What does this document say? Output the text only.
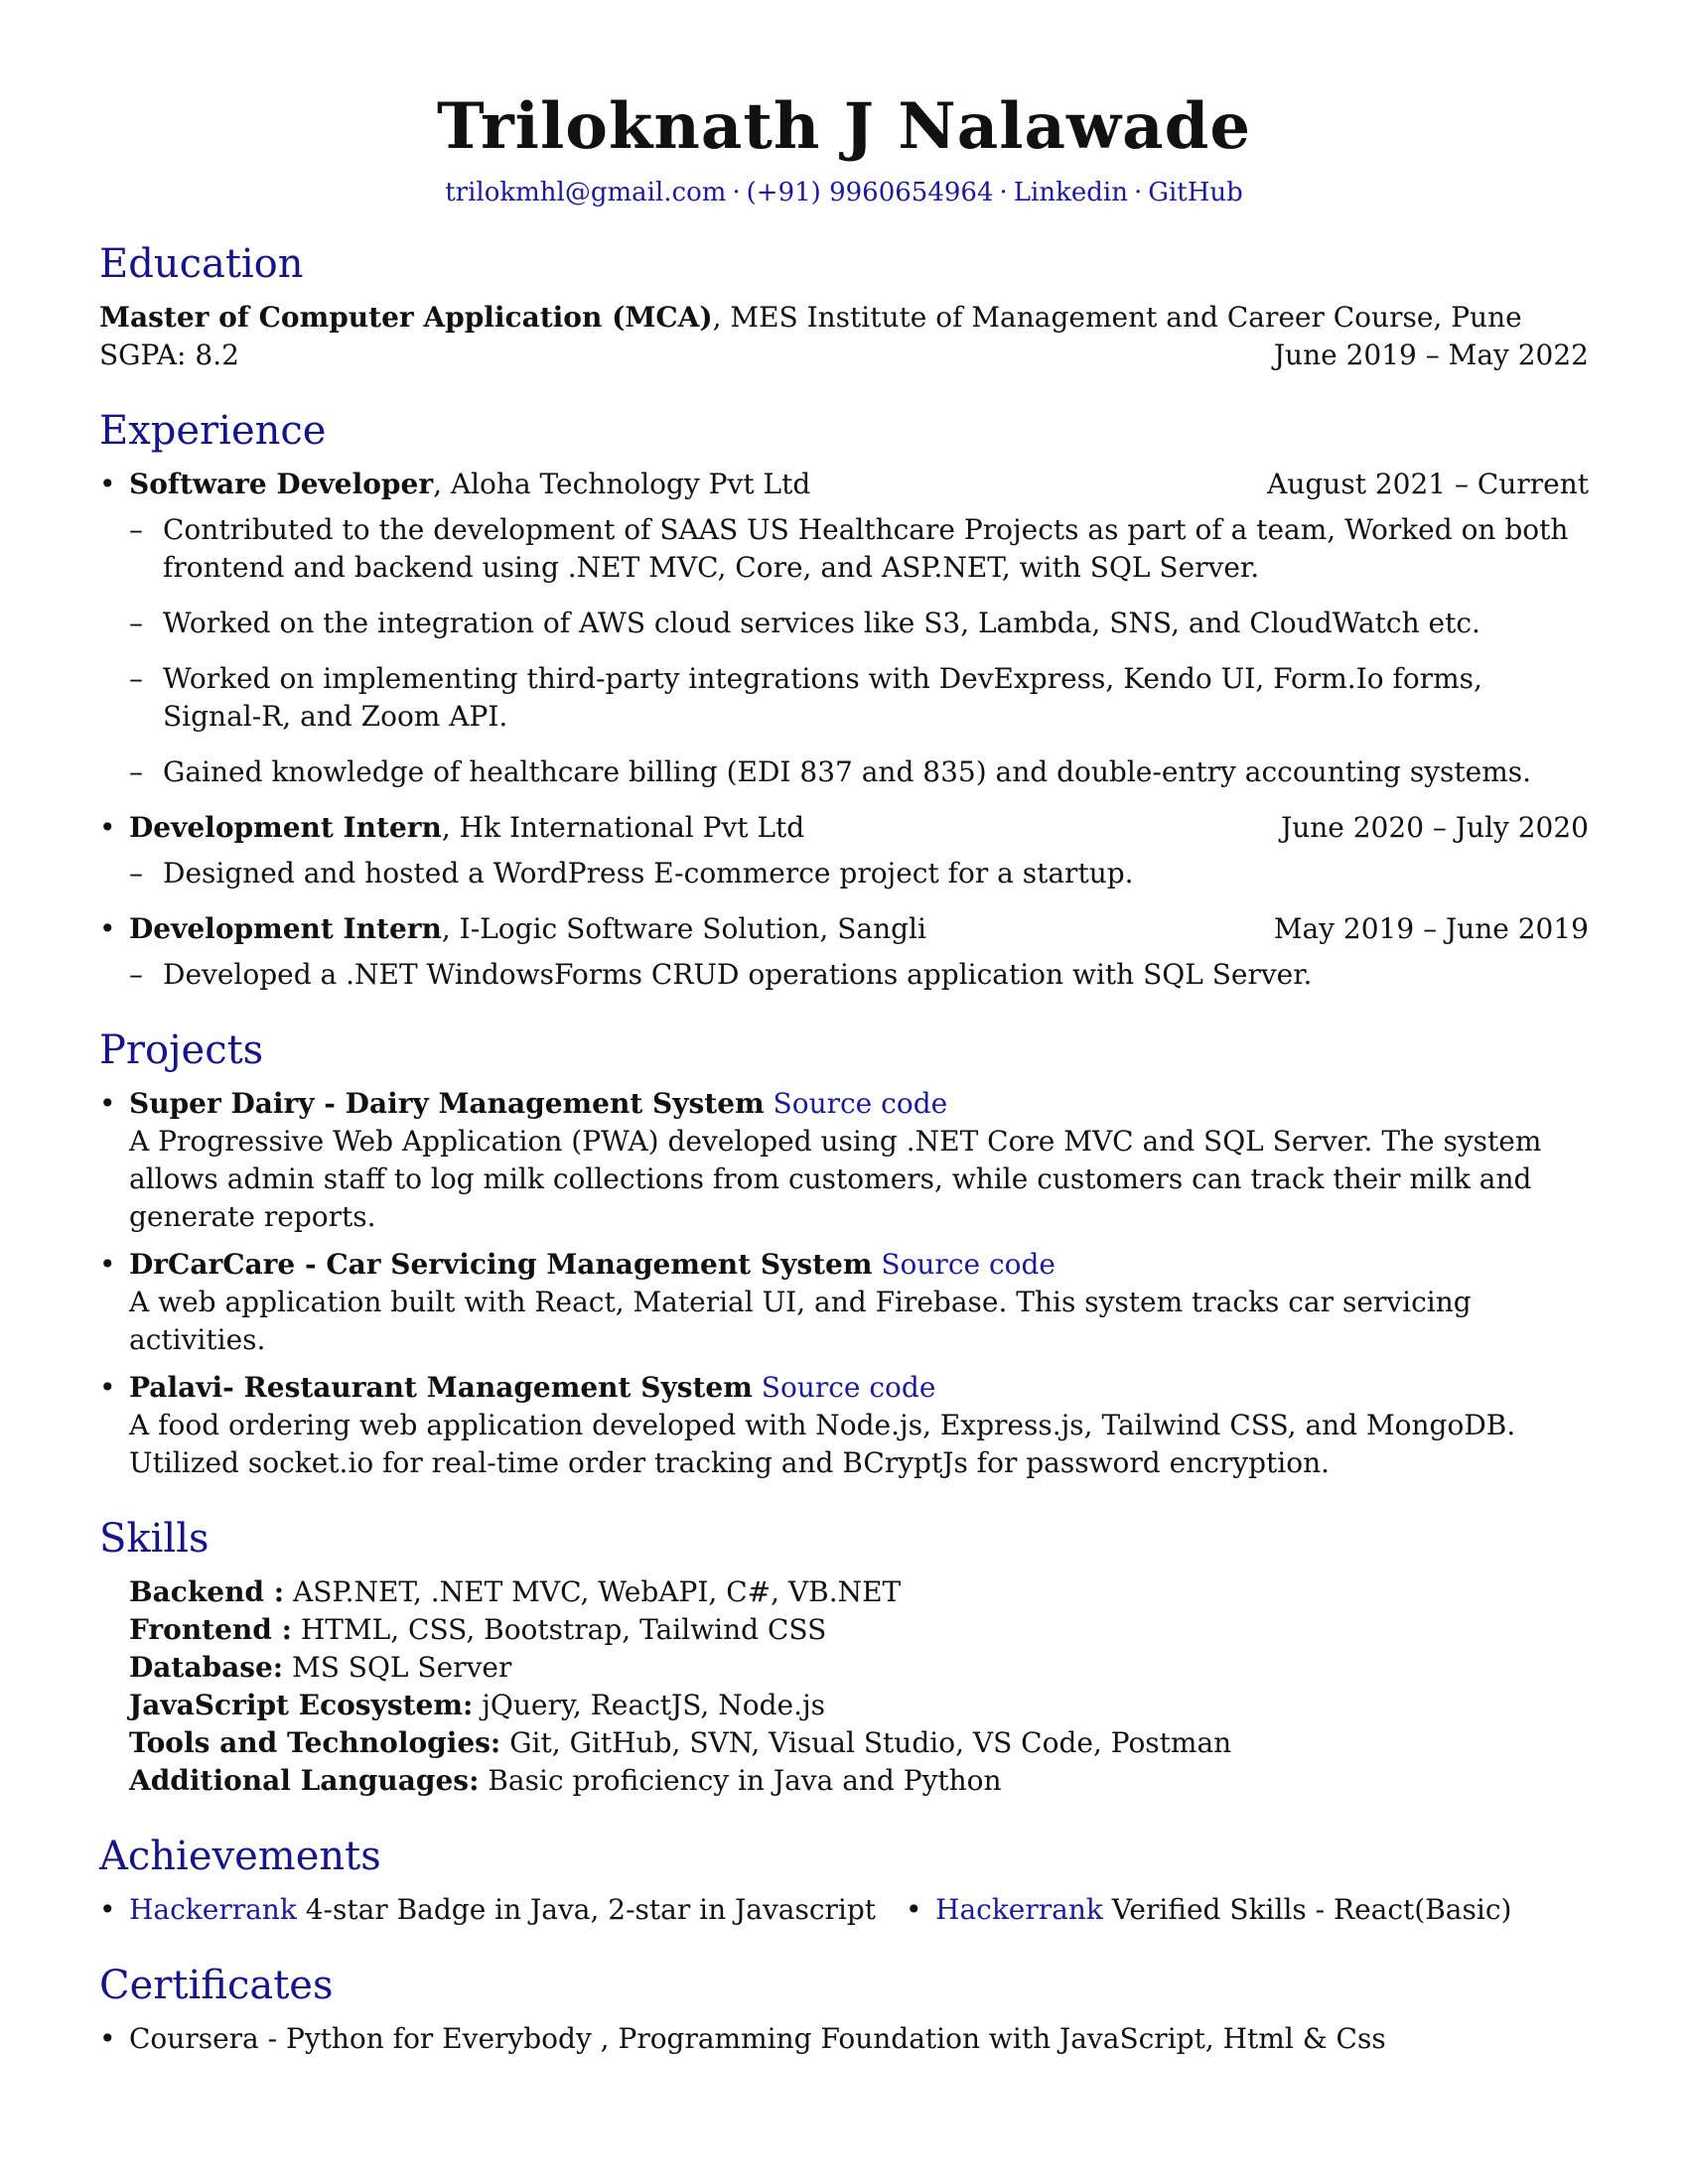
Triloknath J Nalawade
trilokmhl@gmail.com · (+91) 9960654964 · Linkedin · GitHub
Education
Master of Computer Application (MCA), MES Institute of Management and Career Course, Pune
SGPA: 8.2	June 2019 – May 2022
Experience
• Software Developer, Aloha Technology Pvt Ltd	August 2021 – Current
– Contributed to the development of SAAS US Healthcare Projects as part of a team, Worked on both frontend and backend using .NET MVC, Core, and ASP.NET, with SQL Server.
– Worked on the integration of AWS cloud services like S3, Lambda, SNS, and CloudWatch etc.
– Worked on implementing third-party integrations with DevExpress, Kendo UI, Form.Io forms, Signal-R, and Zoom API.
– Gained knowledge of healthcare billing (EDI 837 and 835) and double-entry accounting systems.
• Development Intern, Hk International Pvt Ltd	June 2020 – July 2020
– Designed and hosted a WordPress E-commerce project for a startup.
• Development Intern, I-Logic Software Solution, Sangli	May 2019 – June 2019
– Developed a .NET WindowsForms CRUD operations application with SQL Server.
Projects
• Super Dairy - Dairy Management System Source code
A Progressive Web Application (PWA) developed using .NET Core MVC and SQL Server. The system allows admin staff to log milk collections from customers, while customers can track their milk and generate reports.
• DrCarCare - Car Servicing Management System Source code
A web application built with React, Material UI, and Firebase. This system tracks car servicing activities.
• Palavi- Restaurant Management System Source code
A food ordering web application developed with Node.js, Express.js, Tailwind CSS, and MongoDB. Utilized socket.io for real-time order tracking and BCryptJs for password encryption.
Skills
Backend : ASP.NET, .NET MVC, WebAPI, C#, VB.NET
Frontend : HTML, CSS, Bootstrap, Tailwind CSS
Database: MS SQL Server
JavaScript Ecosystem: jQuery, ReactJS, Node.js
Tools and Technologies: Git, GitHub, SVN, Visual Studio, VS Code, Postman
Additional Languages: Basic proficiency in Java and Python
Achievements
• Hackerrank 4-star Badge in Java, 2-star in Javascript	• Hackerrank Verified Skills - React(Basic)
Certificates
• Coursera - Python for Everybody , Programming Foundation with JavaScript, Html & Css
